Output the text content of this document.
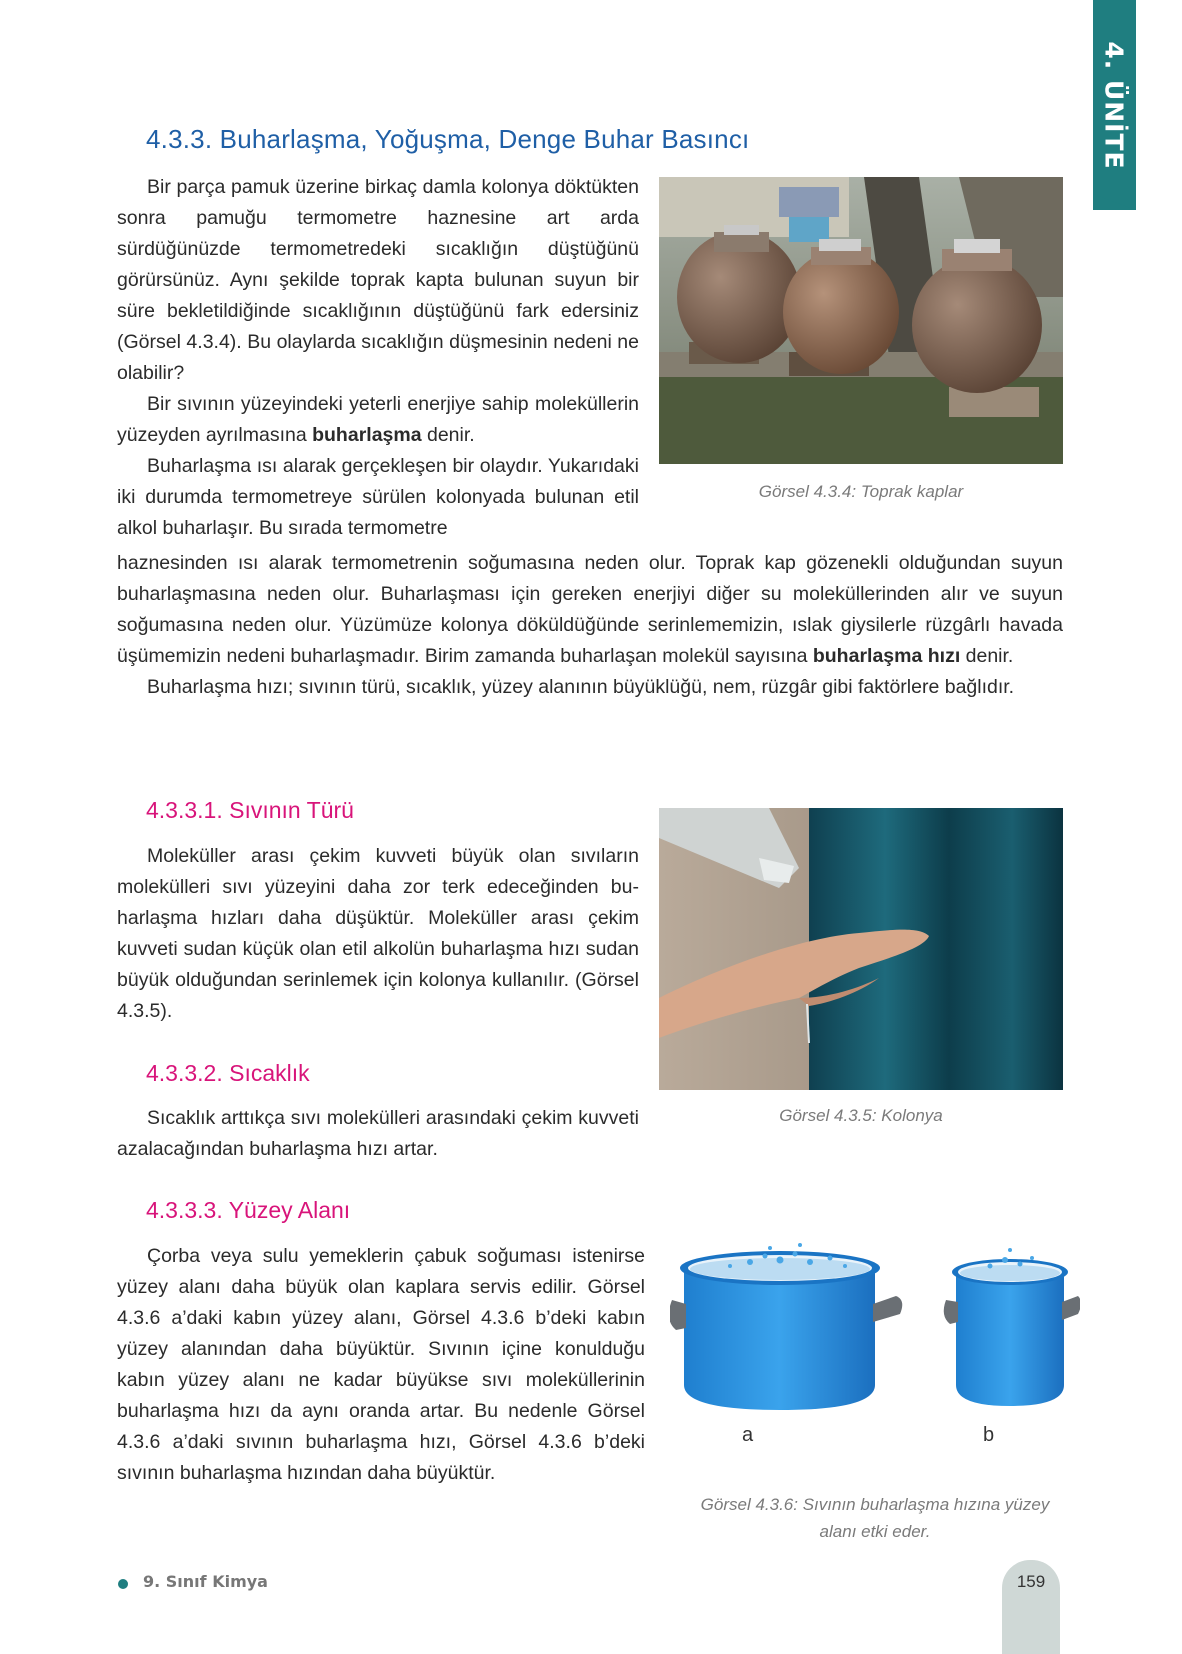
4. ÜNİTE
4.3.3. Buharlaşma, Yoğuşma, Denge Buhar Basıncı

Bir parça pamuk üzerine birkaç damla kolonya döktükten sonra pamuğu termometre haznesine art arda sürdüğünüzde termometredeki sıcaklığın düştüğünü görürsünüz. Aynı şekilde toprak kapta bulunan suyun bir süre bekletildiğinde sıcaklığının düştüğünü fark edersiniz (Görsel 4.3.4). Bu olaylarda sıcaklığın düşmesinin nedeni ne olabilir?

Bir sıvının yüzeyindeki yeterli enerjiye sahip moleküllerin yüzeyden ayrılmasına buharlaşma denir.

Buharlaşma ısı alarak gerçekleşen bir olaydır. Yukarıdaki iki durumda termometreye sürülen kolonyada bulunan etil alkol buharlaşır. Bu sırada termometre

haznesinden ısı alarak termometrenin soğumasına neden olur. Toprak kap gözenekli olduğundan suyun buharlaşmasına neden olur. Buharlaşması için gereken enerjiyi diğer su moleküllerinden alır ve suyun soğumasına neden olur. Yüzümüze kolonya döküldüğünde serinlememizin, ıslak giysilerle rüzgârlı havada üşümemizin nedeni buharlaşmadır. Birim zamanda buharlaşan molekül sayısına buharlaşma hızı denir.

Buharlaşma hızı; sıvının türü, sıcaklık, yüzey alanının büyüklüğü, nem, rüzgâr gibi faktörlere bağlıdır.

Görsel 4.3.4: Toprak kaplar
4.3.3.1. Sıvının Türü

Moleküller arası çekim kuvveti büyük olan sıvıların molekülleri sıvı yüzeyini daha zor terk edeceğinden buharlaşma hızları daha düşüktür. Moleküller arası çekim kuvveti sudan küçük olan etil alkolün buharlaşma hızı sudan büyük olduğundan serinlemek için kolonya kullanılır. (Görsel 4.3.5).

Görsel 4.3.5: Kolonya
4.3.3.2. Sıcaklık

Sıcaklık arttıkça sıvı molekülleri arasındaki çekim kuvveti azalacağından buharlaşma hızı artar.

4.3.3.3. Yüzey Alanı

Çorba veya sulu yemeklerin çabuk soğuması istenirse yüzey alanı daha büyük olan kaplara servis edilir. Görsel 4.3.6 a’daki kabın yüzey alanı, Görsel 4.3.6 b’deki kabın yüzey alanından daha büyüktür. Sıvının içine konulduğu kabın yüzey alanı ne kadar büyükse sıvı moleküllerinin buharlaşma hızı da aynı oranda artar. Bu nedenle Görsel 4.3.6 a’daki sıvının buharlaşma hızı, Görsel 4.3.6 b’deki sıvının buharlaşma hızından daha büyüktür.

a	b
Görsel 4.3.6: Sıvının buharlaşma hızına yüzey
alanı etki eder.
9. Sınıf Kimya	159
